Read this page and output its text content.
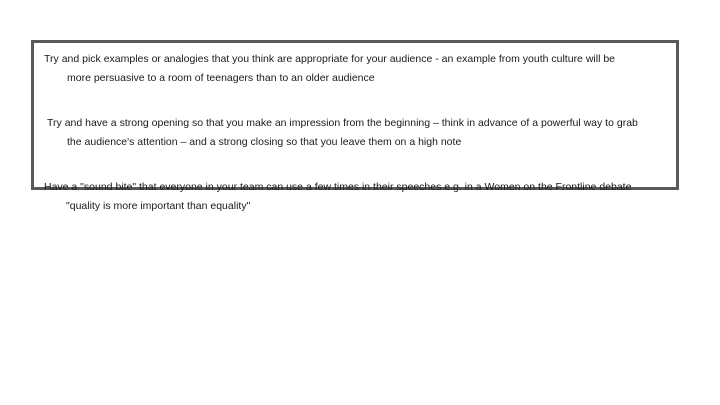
Try and pick examples or analogies that you think are appropriate for your audience - an example from youth culture will be
more persuasive to a room of teenagers than to an older audience
Try and have a strong opening so that you make an impression from the beginning – think in advance of a powerful way to grab
the audience's attention – and a strong closing so that you leave them on a high note
Have a "sound bite" that everyone in your team can use a few times in their speeches e.g. in a Women on the Frontline debate
"quality is more important than equality"
